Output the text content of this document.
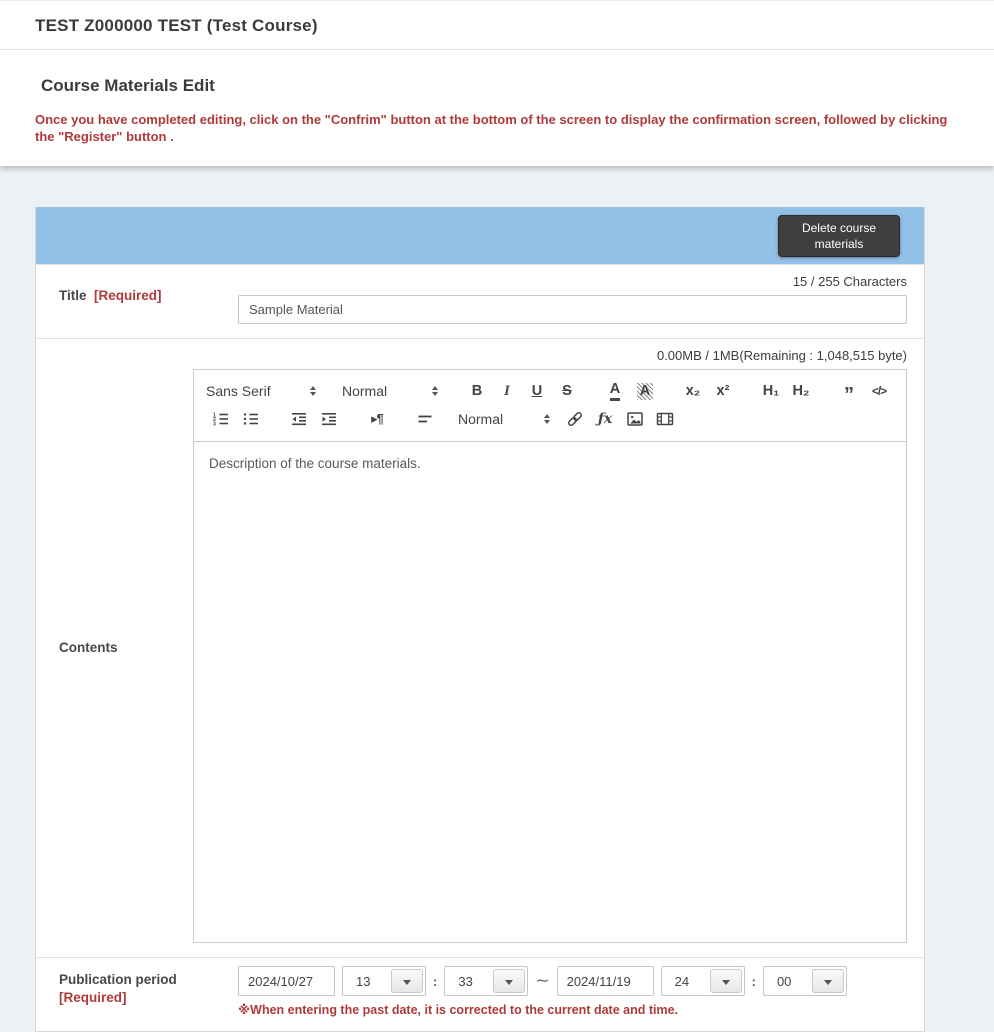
TEST Z000000 TEST (Test Course)
Course Materials Edit
Once you have completed editing, click on the "Confrim" button at the bottom of the screen to display the confirmation screen, followed by clicking the "Register" button .
Delete course materials
Title [Required]
15 / 255 Characters
Sample Material
Contents
0.00MB / 1MB(Remaining : 1,048,515 byte)
Sans Serif	Normal	B I U S	A A x₂ x² H₁ H₂ ” </>
1
2
3	▸¶	Normal	ƒx
Description of the course materials.
Publication period
[Required]
2024/10/27
13
:
33	∼
2024/11/19
24	:
00
※When entering the past date, it is corrected to the current date and time.
